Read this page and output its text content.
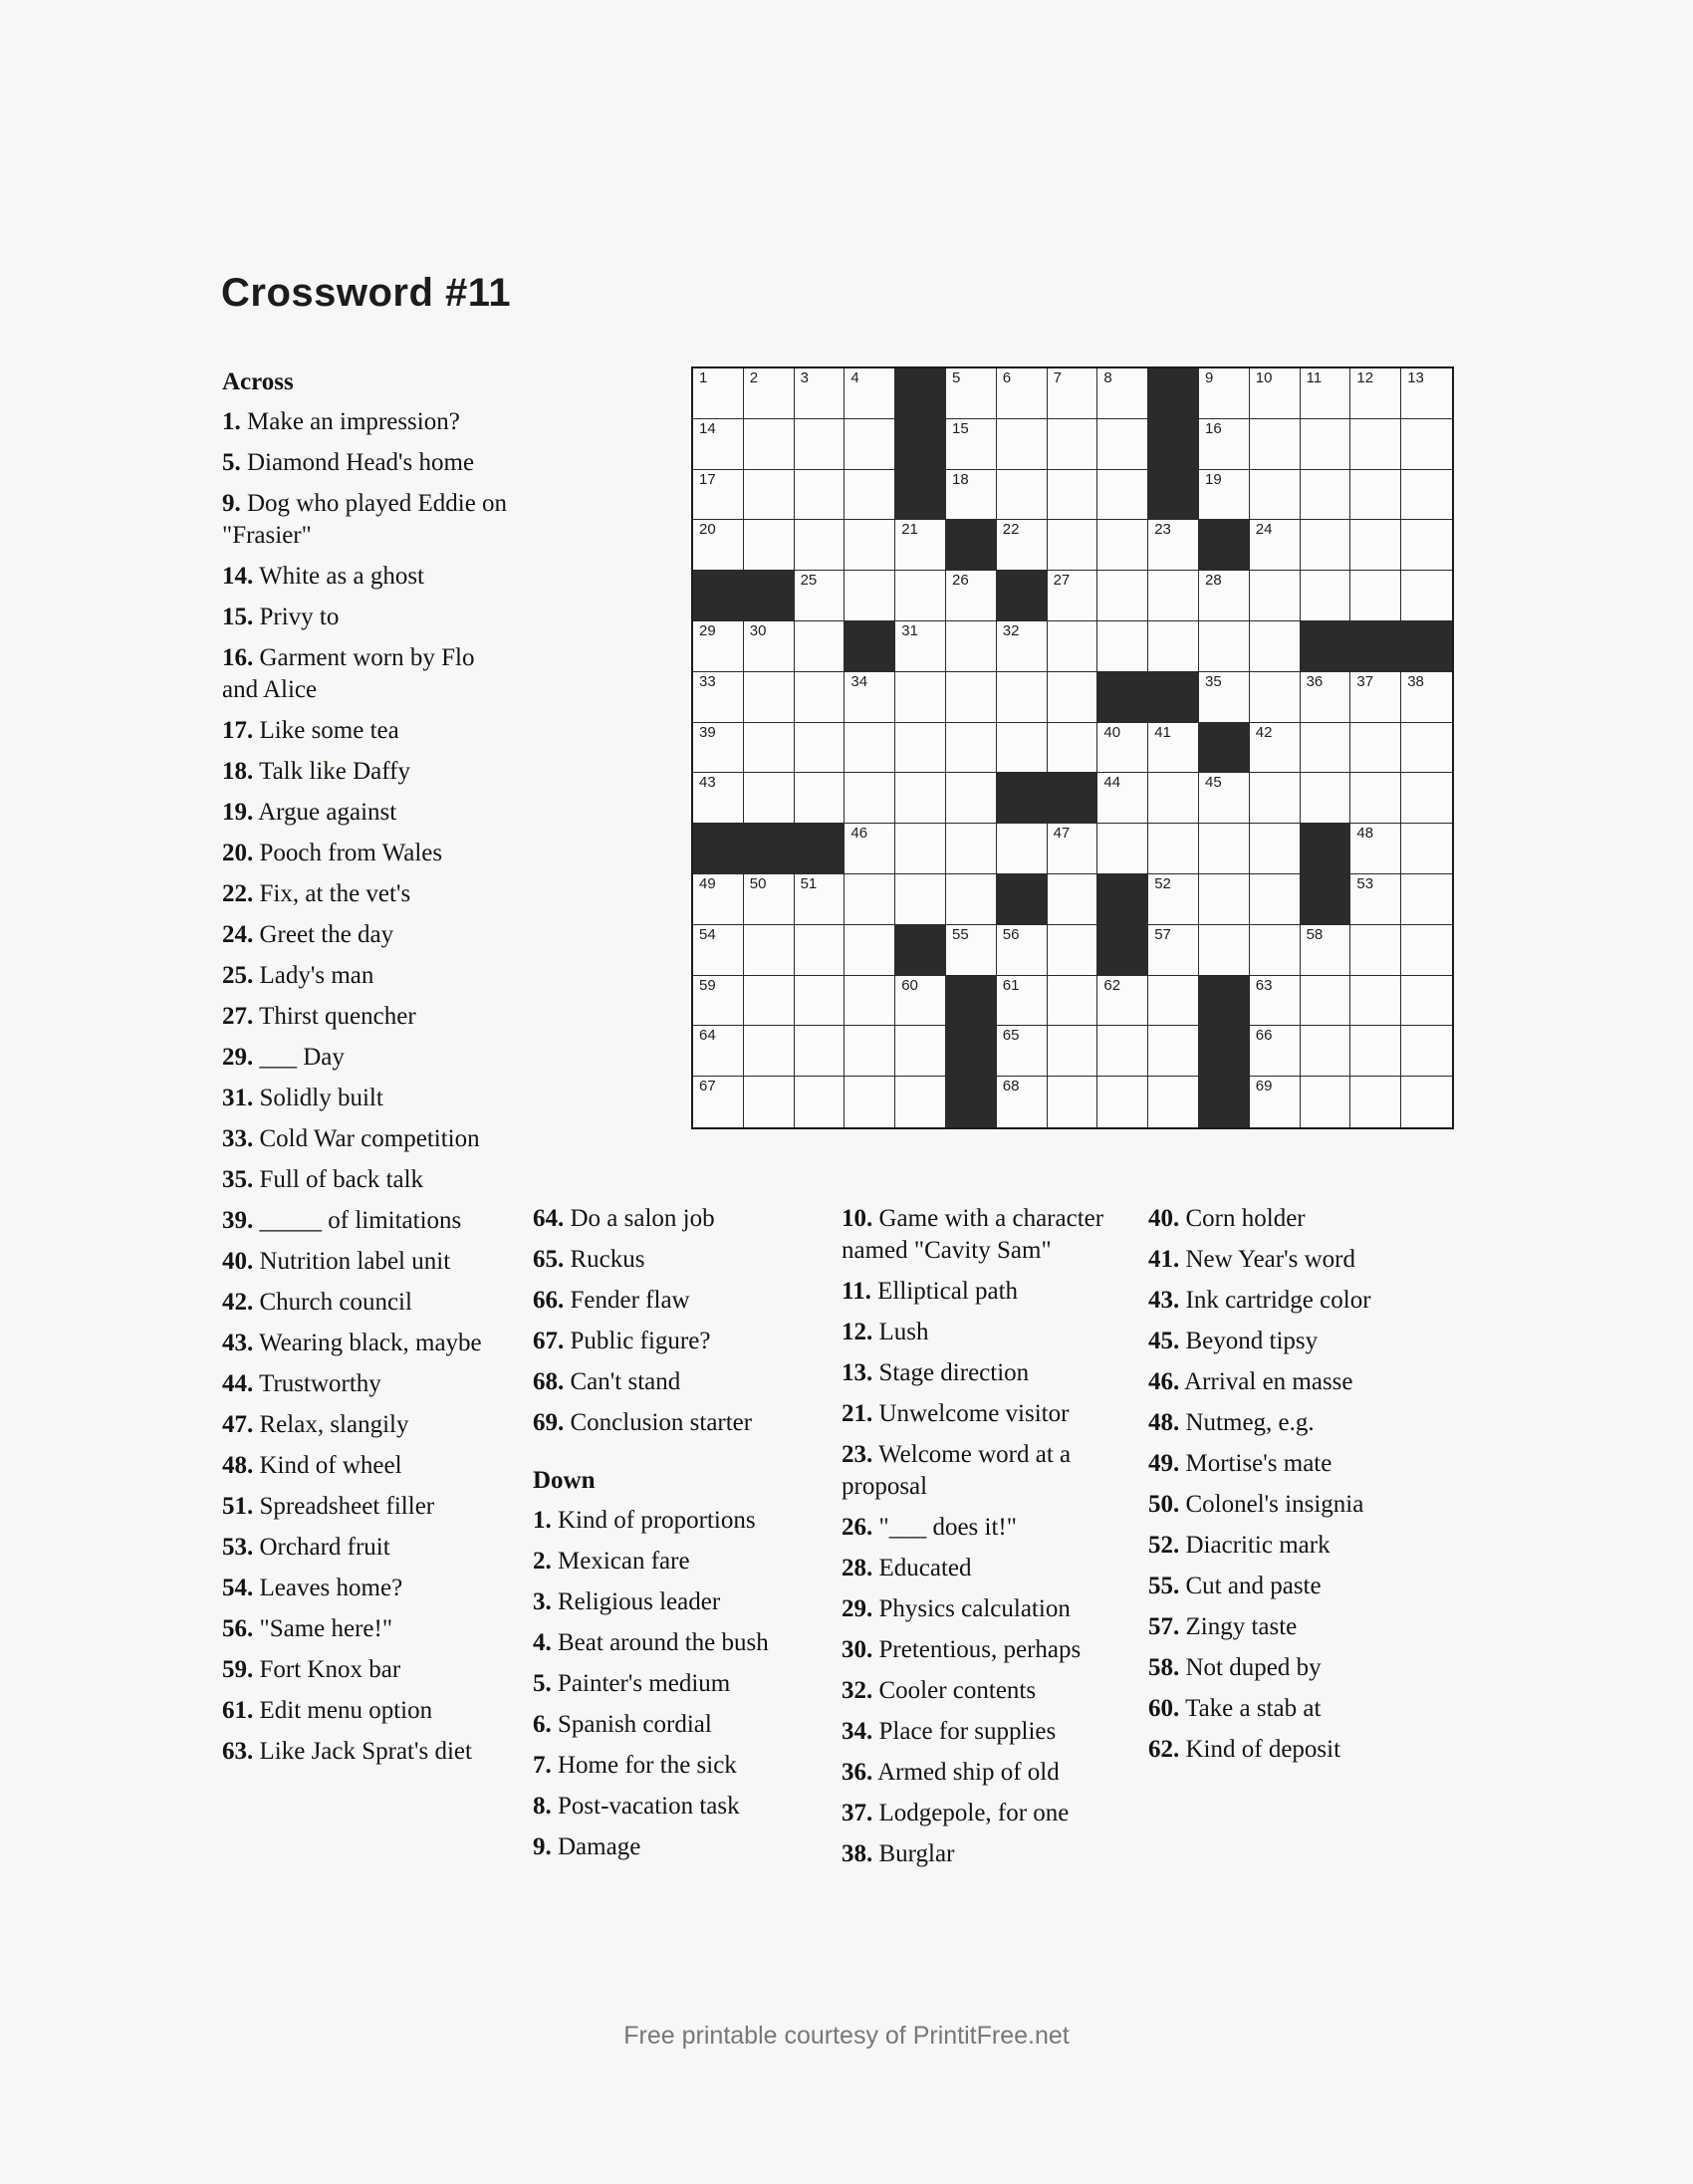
Crossword #11
1	2	3	4	5	6	7	8	9	10 11 12 13
14	15	16
17	18	19
20	21	22	23	24
25	26	27	28
29 30	31	32
33	34	35	36 37 38
39	40 41	42
43	44	45
46	47	48
49 50 51	52	53
54	55 56	57	58
59	60	61	62	63
64	65	66
67	68	69
Across
1. Make an impression?
5. Diamond Head's home
9. Dog who played Eddie on "Frasier"
14. White as a ghost
15. Privy to
16. Garment worn by Flo and Alice
17. Like some tea
18. Talk like Daffy
19. Argue against
20. Pooch from Wales
22. Fix, at the vet's
24. Greet the day
25. Lady's man
27. Thirst quencher
29. ___ Day
31. Solidly built
33. Cold War competition
35. Full of back talk
39. _____ of limitations
40. Nutrition label unit
42. Church council
43. Wearing black, maybe
44. Trustworthy
47. Relax, slangily
48. Kind of wheel
51. Spreadsheet filler
53. Orchard fruit
54. Leaves home?
56. "Same here!"
59. Fort Knox bar
61. Edit menu option
63. Like Jack Sprat's diet
64. Do a salon job
65. Ruckus
66. Fender flaw
67. Public figure?
68. Can't stand
69. Conclusion starter
Down
1. Kind of proportions
2. Mexican fare
3. Religious leader
4. Beat around the bush
5. Painter's medium
6. Spanish cordial
7. Home for the sick
8. Post-vacation task
9. Damage
10. Game with a character named "Cavity Sam"
11. Elliptical path
12. Lush
13. Stage direction
21. Unwelcome visitor
23. Welcome word at a proposal
26. "___ does it!"
28. Educated
29. Physics calculation
30. Pretentious, perhaps
32. Cooler contents
34. Place for supplies
36. Armed ship of old
37. Lodgepole, for one
38. Burglar
40. Corn holder
41. New Year's word
43. Ink cartridge color
45. Beyond tipsy
46. Arrival en masse
48. Nutmeg, e.g.
49. Mortise's mate
50. Colonel's insignia
52. Diacritic mark
55. Cut and paste
57. Zingy taste
58. Not duped by
60. Take a stab at
62. Kind of deposit
Free printable courtesy of PrintitFree.net
